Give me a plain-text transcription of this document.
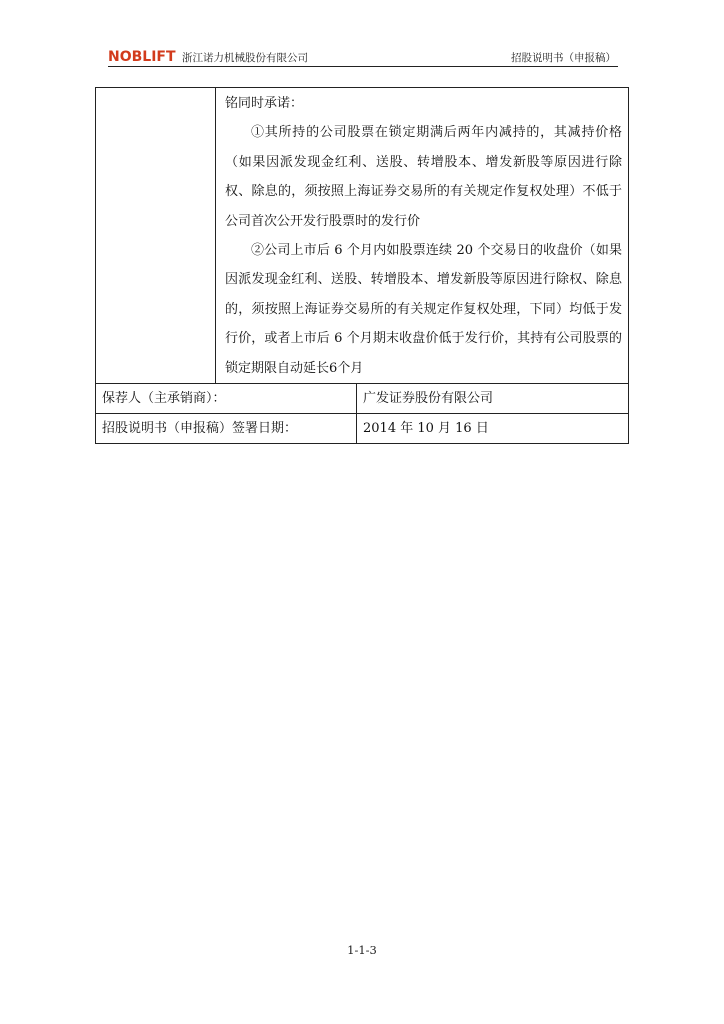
NOBLIFT 浙江诺力机械股份有限公司	招股说明书（申报稿）

	铭同时承诺：

①其所持的公司股票在锁定期满后两年内减持的，其减持价格（如果因派发现金红利、送股、转增股本、增发新股等原因进行除权、除息的，须按照上海证券交易所的有关规定作复权处理）不低于公司首次公开发行股票时的发行价

②公司上市后 6 个月内如股票连续 20 个交易日的收盘价（如果因派发现金红利、送股、转增股本、增发新股等原因进行除权、除息的，须按照上海证券交易所的有关规定作复权处理，下同）均低于发行价，或者上市后 6 个月期末收盘价低于发行价，其持有公司股票的锁定期限自动延长6个月	

保荐人（主承销商）：		广发证券股份有限公司
招股说明书（申报稿）签署日期：		2014 年 10 月 16 日
1-1-3
